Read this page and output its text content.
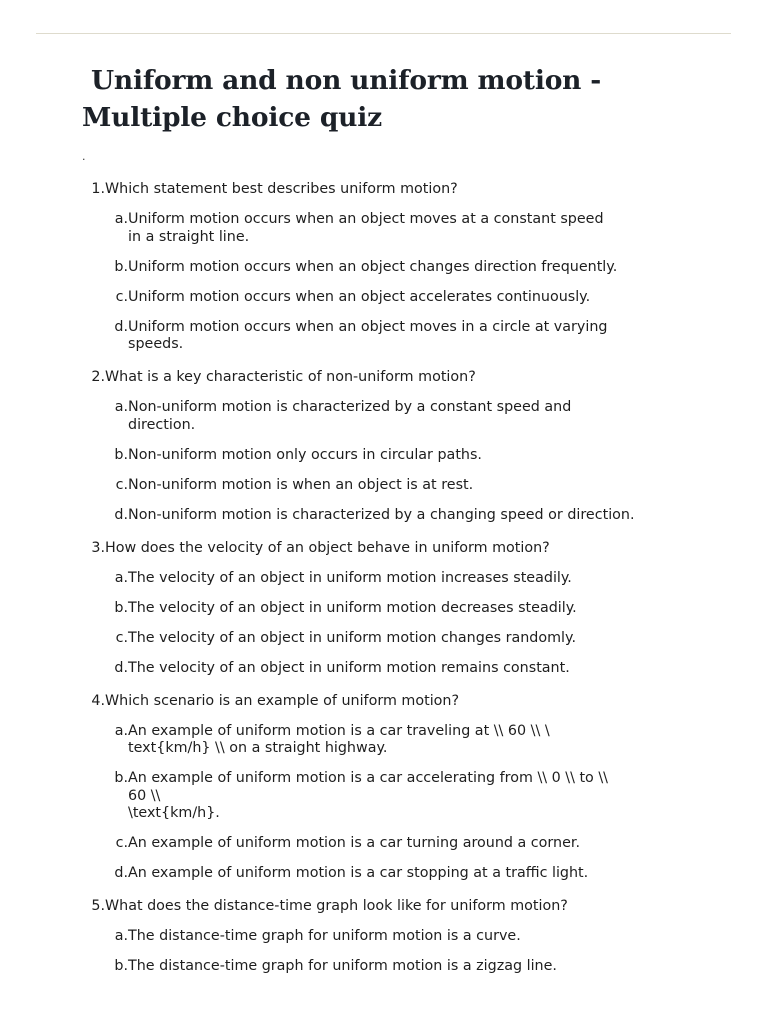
Uniform and non uniform motion -
Multiple choice quiz
.
1. Which statement best describes uniform motion?
a. Uniform motion occurs when an object moves at a constant speed
in a straight line.
b. Uniform motion occurs when an object changes direction frequently.
c. Uniform motion occurs when an object accelerates continuously.
d. Uniform motion occurs when an object moves in a circle at varying
speeds.
2. What is a key characteristic of non-uniform motion?
a. Non-uniform motion is characterized by a constant speed and
direction.
b. Non-uniform motion only occurs in circular paths.
c. Non-uniform motion is when an object is at rest.
d. Non-uniform motion is characterized by a changing speed or direction.
3. How does the velocity of an object behave in uniform motion?
a. The velocity of an object in uniform motion increases steadily.
b. The velocity of an object in uniform motion decreases steadily.
c. The velocity of an object in uniform motion changes randomly.
d. The velocity of an object in uniform motion remains constant.
4. Which scenario is an example of uniform motion?
a. An example of uniform motion is a car traveling at \\ 60 \\ \
text{km/h} \\ on a straight highway.
b. An example of uniform motion is a car accelerating from \\ 0 \\ to \\
60 \\
\text{km/h}.
c. An example of uniform motion is a car turning around a corner.
d. An example of uniform motion is a car stopping at a traffic light.
5. What does the distance-time graph look like for uniform motion?
a. The distance-time graph for uniform motion is a curve.
b. The distance-time graph for uniform motion is a zigzag line.
